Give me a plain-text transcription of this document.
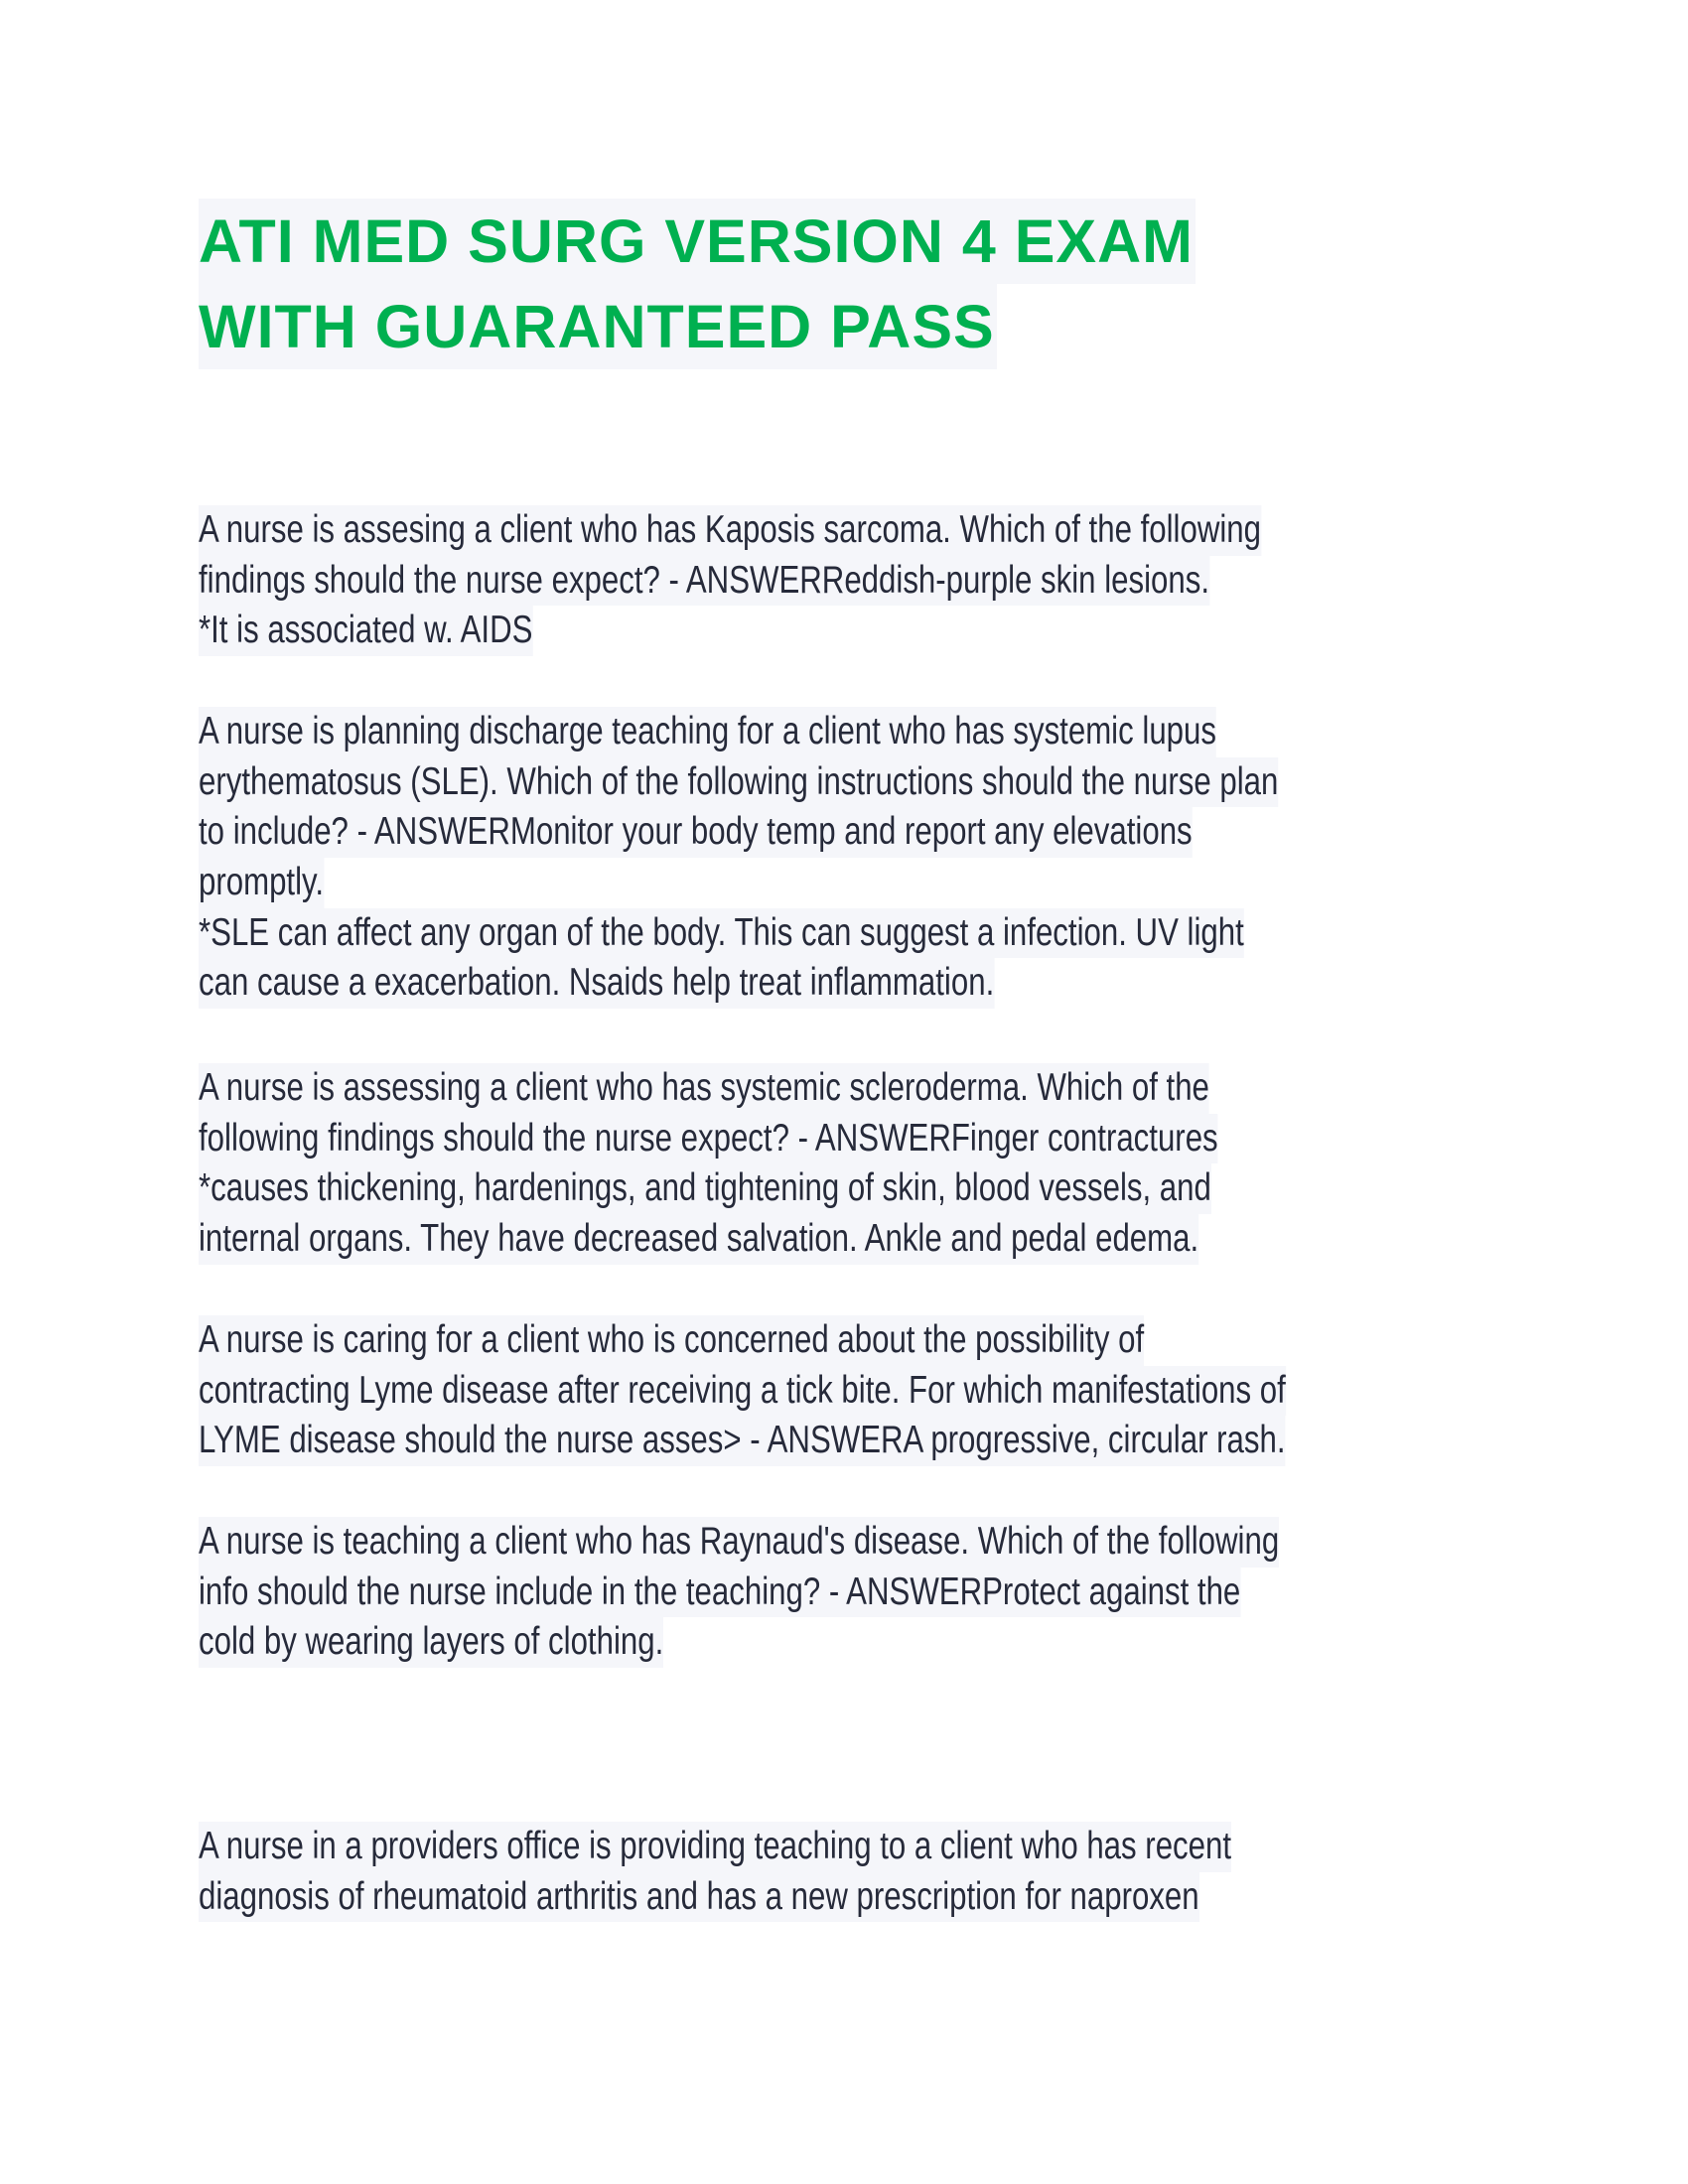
ATI MED SURG VERSION 4 EXAM
WITH GUARANTEED PASS
A nurse is assesing a client who has Kaposis sarcoma. Which of the following
findings should the nurse expect? - ANSWERReddish-purple skin lesions.
*It is associated w. AIDS
A nurse is planning discharge teaching for a client who has systemic lupus
erythematosus (SLE). Which of the following instructions should the nurse plan
to include? - ANSWERMonitor your body temp and report any elevations
promptly.
*SLE can affect any organ of the body. This can suggest a infection. UV light
can cause a exacerbation. Nsaids help treat inflammation.
A nurse is assessing a client who has systemic scleroderma. Which of the
following findings should the nurse expect? - ANSWERFinger contractures
*causes thickening, hardenings, and tightening of skin, blood vessels, and
internal organs. They have decreased salvation. Ankle and pedal edema.
A nurse is caring for a client who is concerned about the possibility of
contracting Lyme disease after receiving a tick bite. For which manifestations of
LYME disease should the nurse asses> - ANSWERA progressive, circular rash.
A nurse is teaching a client who has Raynaud's disease. Which of the following
info should the nurse include in the teaching? - ANSWERProtect against the
cold by wearing layers of clothing.
A nurse in a providers office is providing teaching to a client who has recent
diagnosis of rheumatoid arthritis and has a new prescription for naproxen
